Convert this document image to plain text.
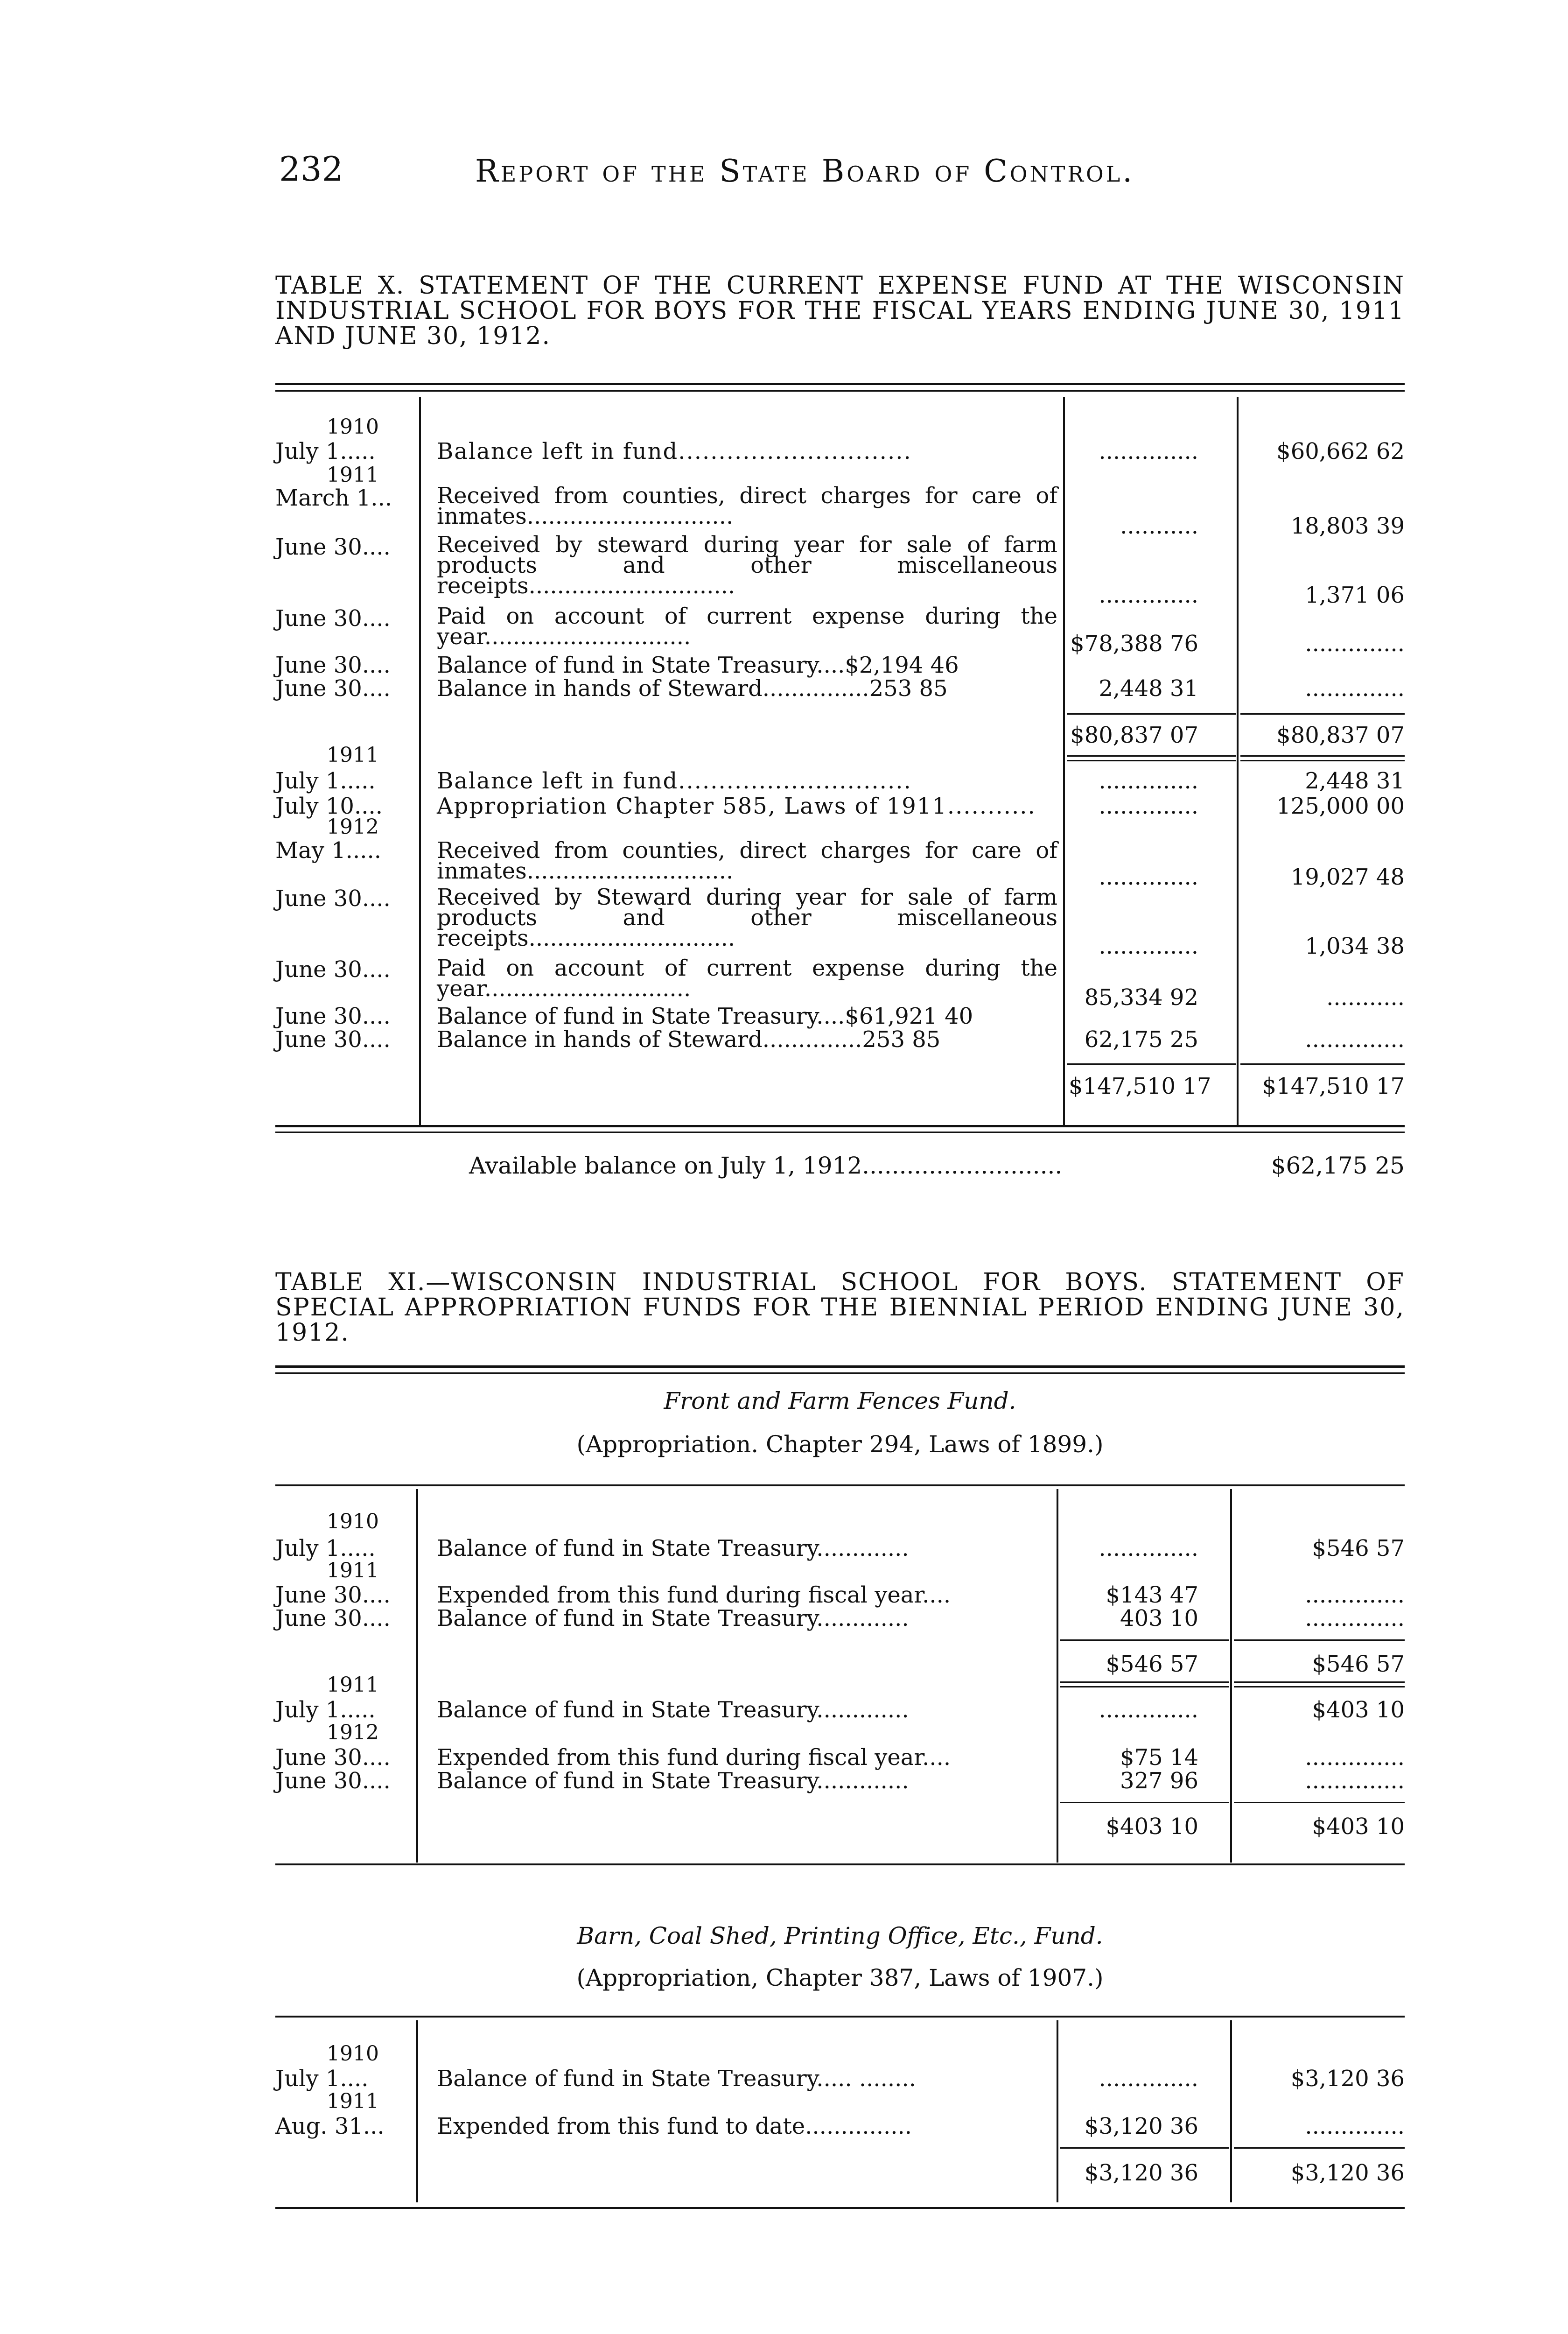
232	Report of the State Board of Control.
TABLE X. STATEMENT OF THE CURRENT EXPENSE FUND AT THE WISCONSIN INDUSTRIAL SCHOOL FOR BOYS FOR THE FISCAL YEARS ENDING JUNE 30, 1911 AND JUNE 30, 1912.
1910
July 1.....	Balance left in fund.............................	..............	$60,662 62
1911
March 1...	Received from counties, direct charges for care of inmates.............................	...........	18,803 39
June 30....	Received by steward during year for sale of farm products and other miscellaneous receipts.............................	..............	1,371 06
June 30....	Paid on account of current expense during the year.............................	$78,388 76	..............
June 30....	Balance of fund in State Treasury....$2,194 46
June 30....	Balance in hands of Steward...............253 85	2,448 31	..............
$80,837 07	$80,837 07
1911
July 1.....	Balance left in fund.............................	..............	2,448 31
July 10....	Appropriation Chapter 585, Laws of 1911...........	..............	125,000 00
1912
May 1.....	Received from counties, direct charges for care of inmates.............................	..............	19,027 48
June 30....	Received by Steward during year for sale of farm products and other miscellaneous receipts.............................	..............	1,034 38
June 30....	Paid on account of current expense during the year.............................	85,334 92	...........
June 30....	Balance of fund in State Treasury....$61,921 40
June 30....	Balance in hands of Steward..............253 85	62,175 25	..............
$147,510 17	$147,510 17
Available balance on July 1, 1912...........................	$62,175 25
TABLE XI.—WISCONSIN INDUSTRIAL SCHOOL FOR BOYS. STATEMENT OF SPECIAL APPROPRIATION FUNDS FOR THE BIENNIAL PERIOD ENDING JUNE 30, 1912.
Front and Farm Fences Fund.
(Appropriation. Chapter 294, Laws of 1899.)
1910
July 1.....	Balance of fund in State Treasury.............	..............	$546 57
1911
June 30....	Expended from this fund during fiscal year....	$143 47	..............
June 30....	Balance of fund in State Treasury.............	403 10	..............
$546 57	$546 57
1911
July 1.....	Balance of fund in State Treasury.............	..............	$403 10
1912
June 30....	Expended from this fund during fiscal year....	$75 14	..............
June 30....	Balance of fund in State Treasury.............	327 96	..............
$403 10	$403 10
Barn, Coal Shed, Printing Office, Etc., Fund.
(Appropriation, Chapter 387, Laws of 1907.)
1910
July 1....	Balance of fund in State Treasury..... ........	..............	$3,120 36
1911
Aug. 31...	Expended from this fund to date...............	$3,120 36	..............
$3,120 36	$3,120 36
